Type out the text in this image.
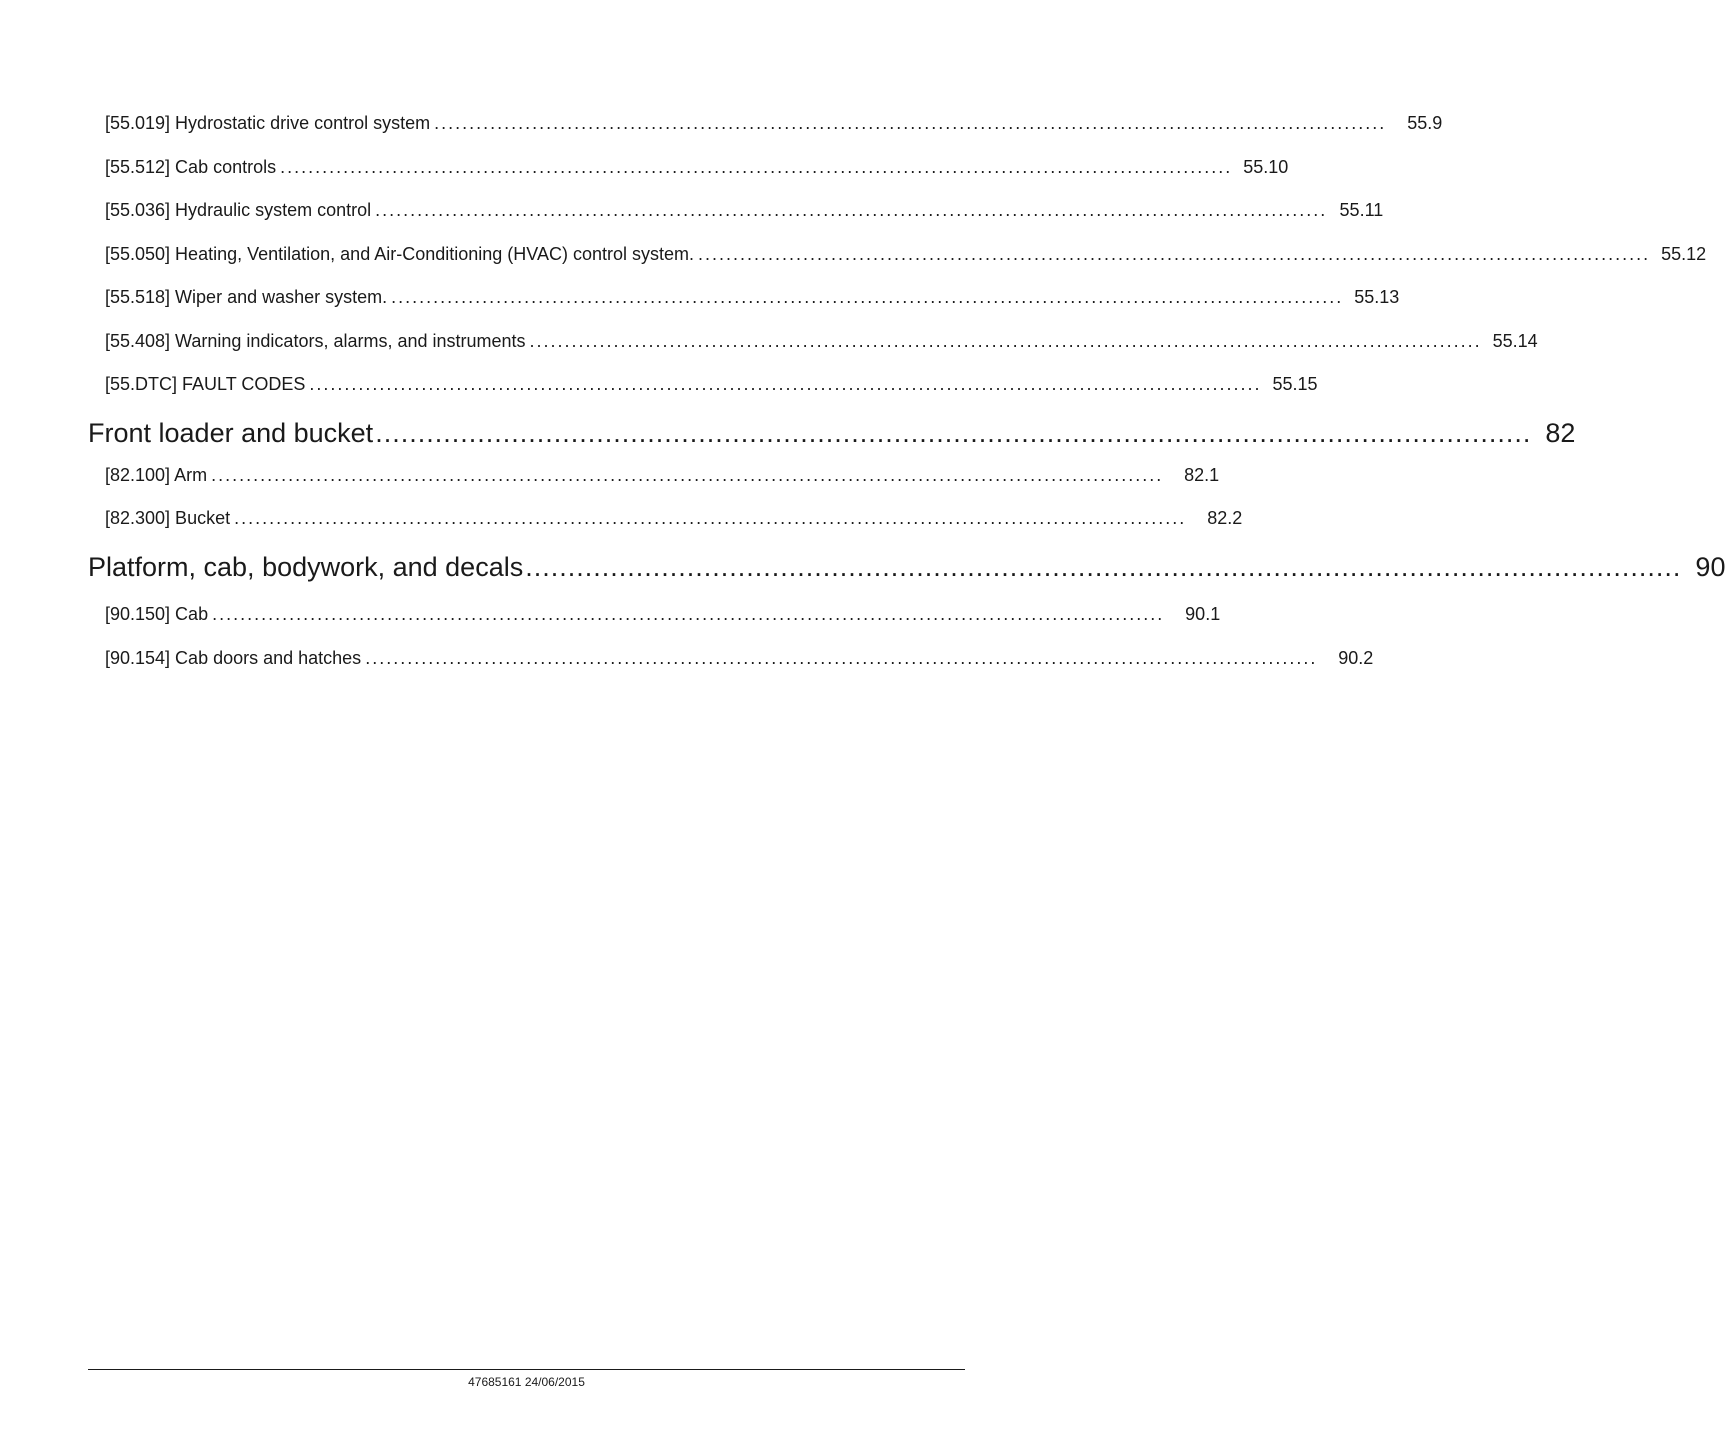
[55.019] Hydrostatic drive control system ........................................................................................................................................	55.9
[55.512] Cab controls ........................................................................................................................................ 55.10
[55.036] Hydraulic system control ........................................................................................................................................ 55.11
[55.050] Heating, Ventilation, and Air-Conditioning (HVAC) control system. ........................................................................................................................................ 55.12
[55.518] Wiper and washer system. ........................................................................................................................................ 55.13
[55.408] Warning indicators, alarms, and instruments ........................................................................................................................................ 55.14
[55.DTC] FAULT CODES ........................................................................................................................................ 55.15
Front loader and bucket ........................................................................................................................................ 82
[82.100] Arm ........................................................................................................................................	82.1
[82.300] Bucket ........................................................................................................................................	82.2
Platform, cab, bodywork, and decals ........................................................................................................................................ 90
[90.150] Cab ........................................................................................................................................	90.1
[90.154] Cab doors and hatches ........................................................................................................................................	90.2
47685161 24/06/2015
